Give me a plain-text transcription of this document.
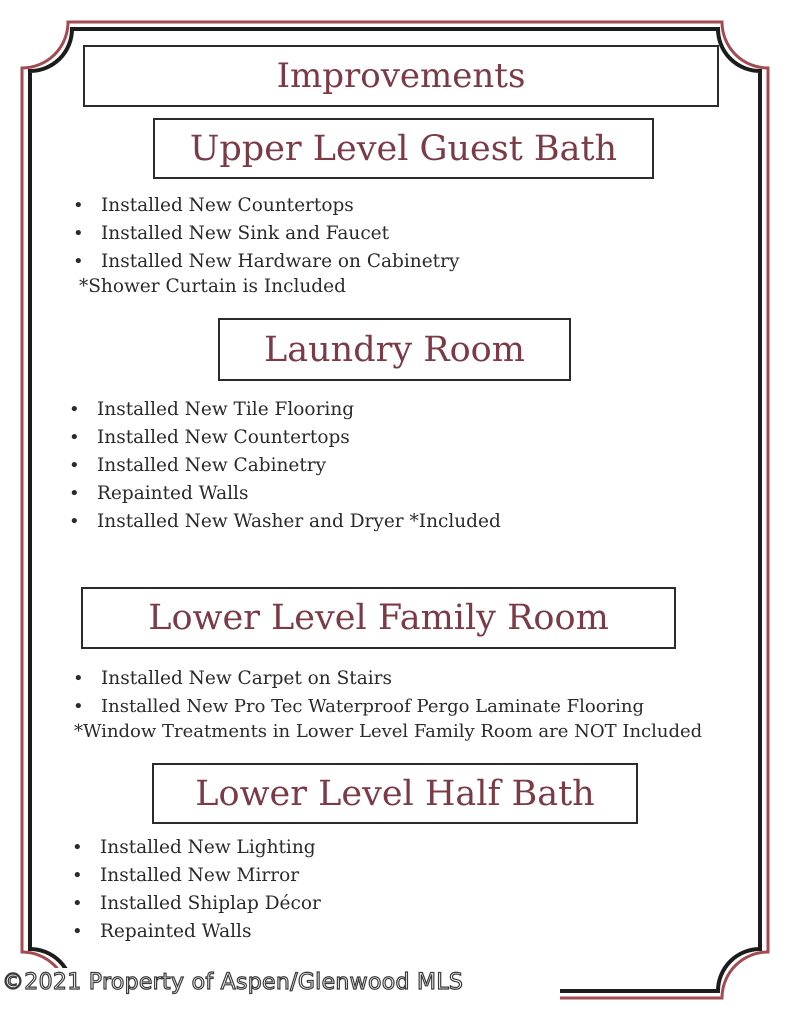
Improvements
Upper Level Guest Bath
• Installed New Countertops
• Installed New Sink and Faucet
• Installed New Hardware on Cabinetry
*Shower Curtain is Included
Laundry Room
• Installed New Tile Flooring
• Installed New Countertops
• Installed New Cabinetry
• Repainted Walls
• Installed New Washer and Dryer *Included
Lower Level Family Room
• Installed New Carpet on Stairs
• Installed New Pro Tec Waterproof Pergo Laminate Flooring
*Window Treatments in Lower Level Family Room are NOT Included
Lower Level Half Bath
• Installed New Lighting
• Installed New Mirror
• Installed Shiplap Décor
• Repainted Walls
©2021 Property of Aspen/Glenwood MLS
